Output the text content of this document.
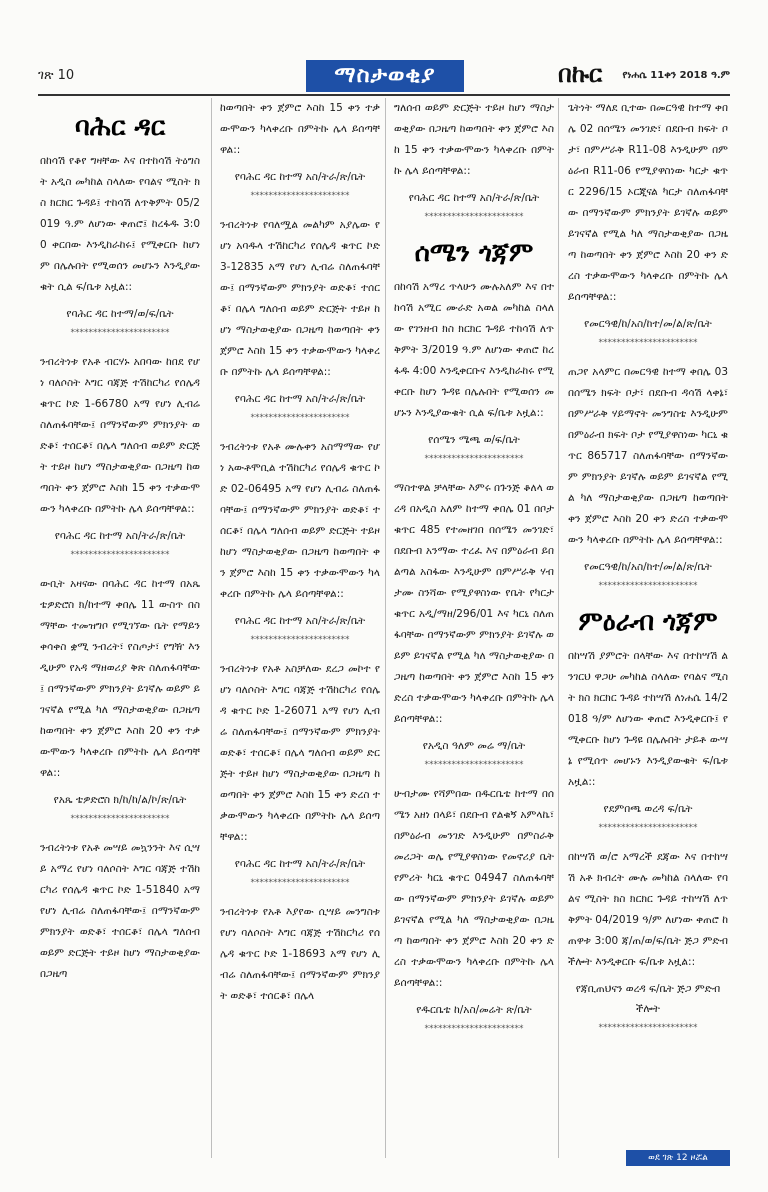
ገጽ 10	ማስታወቂያ	በኩር የነሐሴ 11ቀን 2018 ዓ.ም
ባሕር ዳር

በከሳሽ የቆየ ግዛቸው እና በተከሳሽ ትዕግስት አዲስ መካከል ስላለው የባልና ሚስት ክስ ክርክር ጉዳይ፤ ተከሳሽ ለጥቅምት 05/2019 ዓ.ም ለሆነው ቀጠሮ፤ ከረፋዱ 3:00 ቀርበው እንዲከራከሩ፤ የሚቀርቡ ከሆነም በሌሉበት የሚወሰን መሆኑን እንዲያውቁት ሲል ፍ/ቤቱ አዟል::

የባሕር ዳር ከተማ/ወ/ፍ/ቤት
**********************

ንብረትነቱ የአቶ ብርሃኑ አበባው ከበደ የሆነ ባለሶስት እግር ባጃጅ ተሽከርካሪ የሰሌዳ ቁጥር ኮድ 1-66780 አማ የሆነ ሊብሬ ስለጠፋባቸው፤ በማንኛውም ምክንያት ወድቆ፣ ተሰርቆ፣ በሌላ ግለሰብ ወይም ድርጅት ተይዞ ከሆነ ማስታወቂያው በጋዜጣ ከወጣበት ቀን ጀምሮ እስከ 15 ቀን ተቃውሞውን ካላቀረቡ በምትኩ ሌላ ይሰጣቸዋል::

የባሕር ዳር ከተማ አስ/ትራ/ጽ/ቤት
**********************

ውቢት አዛናው በባሕር ዳር ከተማ በአጼ ቴዎድሮስ ክ/ከተማ ቀበሌ 11 ውስጥ በስማቸው ተመዝግቦ የሚገኘው ቤት የማይንቀሳቀስ ቋሚ ንብረት፣ የስጦታ፣ የግዥ እንዲሁም የአዳ ማዘወሪያ ቅጽ ስለጠፋባቸው፤ በማንኛውም ምክንያት ይገኛሉ ወይም ይገናኛል የሚል ካለ ማስታወቂያው በጋዜጣ ከወጣበት ቀን ጀምሮ እስከ 20 ቀን ተቃውሞውን ካላቀረቡ በምትኩ ሌላ ይሰጣቸዋል::

የአጼ ቴዎድሮስ ክ/ከ/ከ/ል/ኮ/ጽ/ቤት
**********************

ንብረትነቱ የአቶ መሣይ መኳንንት እና ሲሣይ አማረ የሆነ ባለሶስት እግር ባጃጅ ተሽከርካሪ የሰሌዳ ቁጥር ኮድ 1-51840 አማ የሆነ ሊብሬ ስለጠፋባቸው፤ በማንኛውም ምክንያት ወድቆ፣ ተሰርቆ፣ በሌላ ግለሰብ ወይም ድርጅት ተይዞ ከሆነ ማስታወቂያው በጋዜጣ

ከወጣበት ቀን ጀምሮ እስከ 15 ቀን ተቃውሞውን ካላቀረቡ በምትኩ ሌላ ይሰጣቸዋል::

የባሕር ዳር ከተማ አስ/ትራ/ጽ/ቤት
**********************

ንብረትነቱ የባለሟል መልካም አያሌው የሆነ አባዱላ ተሽከርካሪ የሰሌዳ ቁጥር ኮድ 3-12835 አማ የሆነ ሊብሬ ስለጠፋባቸው፤ በማንኛውም ምክንያት ወድቆ፣ ተሰርቆ፣ በሌላ ግለሰብ ወይም ድርጅት ተይዞ ከሆነ ማስታወቂያው በጋዜጣ ከወጣበት ቀን ጀምሮ እስከ 15 ቀን ተቃውሞውን ካላቀረቡ በምትኩ ሌላ ይሰጣቸዋል::

የባሕር ዳር ከተማ አስ/ትራ/ጽ/ቤት
**********************

ንብረትነቱ የአቶ ሙሉቀን አስማማው የሆነ አውቶሞቢል ተሽከርካሪ የሰሌዳ ቁጥር ኮድ 02-06495 አማ የሆነ ሊብሬ ስለጠፋባቸው፤ በማንኛውም ምክንያት ወድቆ፣ ተሰርቆ፣ በሌላ ግለሰብ ወይም ድርጅት ተይዞ ከሆነ ማስታወቂያው በጋዜጣ ከወጣበት ቀን ጀምሮ እስከ 15 ቀን ተቃውሞውን ካላቀረቡ በምትኩ ሌላ ይሰጣቸዋል::

የባሕር ዳር ከተማ አስ/ትራ/ጽ/ቤት
**********************

ንብረትነቱ የአቶ አስቻለው ደረጋ መኮተ የሆነ ባለሶስት እግር ባጃጅ ተሽከርካሪ የሰሌዳ ቁጥር ኮድ 1-26071 አማ የሆነ ሊብሬ ስለጠፋባቸው፤ በማንኛውም ምክንያት ወድቆ፣ ተሰርቆ፣ በሌላ ግለሰብ ወይም ድርጅት ተይዞ ከሆነ ማስታወቂያው በጋዜጣ ከወጣበት ቀን ጀምሮ እስከ 15 ቀን ድረስ ተቃውሞውን ካላቀረቡ በምትኩ ሌላ ይሰጣቸዋል::

የባሕር ዳር ከተማ አስ/ትራ/ጽ/ቤት
**********************

ንብረትነቱ የአቶ እያየው ሲሣይ መንግስቱ የሆነ ባለሶስት እግር ባጃጅ ተሽከርካሪ የሰሌዳ ቁጥር ኮድ 1-18693 አማ የሆነ ሊብሬ ስለጠፋባቸው፤ በማንኛውም ምክንያት ወድቆ፣ ተሰርቆ፣ በሌላ

ግለሰብ ወይም ድርጅት ተይዞ ከሆነ ማስታወቂያው በጋዜጣ ከወጣበት ቀን ጀምሮ እስከ 15 ቀን ተቃውሞውን ካላቀረቡ በምትኩ ሌላ ይሰጣቸዋል::

የባሕር ዳር ከተማ አስ/ትራ/ጽ/ቤት
**********************
ሰሜን ጎጃም

በከሳሽ አማረ ጥላሁን ሙሉአለም እና በተከሳሽ አሚር ሙራድ አወል መካከል ስላለው የገንዘብ ክስ ክርክር ጉዳይ ተከሳሽ ለጥቅምት 3/2019 ዓ.ም ለሆነው ቀጠሮ ከረፋዱ 4:00 እንዲቀርቡና እንዲከራከሩ የሚቀርቡ ከሆነ ጉዳዩ በሌሉበት የሚወሰን መሆኑን እንዲያውቁት ሲል ፍ/ቤቱ አዟል::

የሰሜን ሜጫ ወ/ፍ/ቤት
**********************

ማስተዋል ቻላቸው እምሩ በጉንጅ ቆለላ ወረዳ በአዲስ አለም ከተማ ቀበሌ 01 በቦታ ቁጥር 485 የተመዘገበ በሰሜን መንገድ፣ በደቡብ አንማው ተረፈ እና በምዕራብ ይበልጣል አስፋው እንዲሁም በምሥራቅ ሃብታሙ ስንሻው የሚያዋስነው የቤት የካርታ ቁጥር አዲ/ማዘ/296/01 እና ካርኒ ስለጠፋባቸው በማንኛውም ምክንያት ይገኛሉ ወይም ይገናኛል የሚል ካለ ማስታወቂያው በጋዜጣ ከወጣበት ቀን ጀምሮ እስከ 15 ቀን ድረስ ተቃውሞውን ካላቀረቡ በምትኩ ሌላ ይሰጣቸዋል::

የአዲስ ዓለም መሬ ማ/ቤት
**********************

ሁብታሙ የሻምበው በዱርቤቴ ከተማ በሰሜን አዘነ በላይ፣ በደቡብ የልቁኝ አምላኬ፣ በምዕራብ መንገድ እንዲሁም በምስራቅ መሪጋት ወሌ የሚያዋስነው የመኖሪያ ቤት የምሪት ካርኒ ቁጥር 04947 ስለጠፋባቸው በማንኛውም ምክንያት ይገኛሉ ወይም ይገናኛል የሚል ካለ ማስታወቂያው በጋዜጣ ከወጣበት ቀን ጀምሮ እስከ 20 ቀን ድረስ ተቃውሞውን ካላቀረቡ በምትኩ ሌላ ይሰጣቸዋል::

የዱርቤቴ ከ/አስ/መሬት ጽ/ቤት
**********************

ጌትነት ማለደ ቢተው በመርዓዊ ከተማ ቀበሌ 02 በሰሜን መንገድ፣ በደቡብ ክፍት ቦታ፣ በምሥራቅ R11-08 እንዲሁም በምዕራብ R11-06 የሚያዋስነው ካርታ ቁጥር 2296/15 ኦርጂናል ካርታ ስለጠፋባቸው በማንኛውም ምክንያት ይገኛሉ ወይም ይገናኛል የሚል ካለ ማስታወቂያው በጋዜጣ ከወጣበት ቀን ጀምሮ እስከ 20 ቀን ድረስ ተቃውሞውን ካላቀረቡ በምትኩ ሌላ ይሰጣቸዋል::

የመርዓዊ/ከ/አስ/ከተ/መ/ል/ጽ/ቤት
**********************

ጠጋየ አላምር በመርዓዊ ከተማ ቀበሌ 03 በሰሜን ክፍት ቦታ፣ በደቡብ ዳሳሽ ላቀኔ፣ በምሥራቅ ሃይማኖት መንግስቴ እንዲሁም በምዕራብ ክፍት ቦታ የሚያዋስነው ካርኒ ቁጥር 865717 ስለጠፋባቸው በማንኛውም ምክንያት ይገኛሉ ወይም ይገናኛል የሚል ካለ ማስታወቂያው በጋዜጣ ከወጣበት ቀን ጀምሮ እስከ 20 ቀን ድረስ ተቃውሞውን ካላቀረቡ በምትኩ ሌላ ይሰጣቸዋል::

የመርዓዊ/ከ/አስ/ከተ/መ/ል/ጽ/ቤት
**********************
ምዕራብ ጎጃም

በከሣሽ ያምሮት በላቸው እና በተከሣሽ ልንገርህ ዋጋሁ መካከል ስላለው የባልና ሚስት ክስ ክርክር ጉዳይ ተከሣሽ ለነሐሴ 14/2018 ዓ/ም ለሆነው ቀጠሮ እንዲቀርቡ፤ የሚቀርቡ ከሆነ ጉዳዩ በሌሉበት ታይቶ ውሣኔ የሚሰጥ መሆኑን እንዲያውቁት ፍ/ቤቱ አዟል::

የደምበጫ ወረዳ ፍ/ቤት
**********************

በከሣሽ ወ/ሮ አማረች ደጃው እና በተከሣሽ አቶ ክብረት ሙሉ መካከል ስላለው የባልና ሚስት ክስ ክርክር ጉዳይ ተከሣሽ ለጥቅምት 04/2019 ዓ/ም ለሆነው ቀጠሮ ከጠዋቱ 3:00 ጃ/ጠ/ወ/ፍ/ቤት ጅጋ ምድብ ችሎት እንዲቀርቡ ፍ/ቤቱ አዟል::

የጃቢጠህናን ወረዳ ፍ/ቤት ጅጋ ምድብ ችሎት
**********************
ወደ ገጽ 12 ዞሯል
